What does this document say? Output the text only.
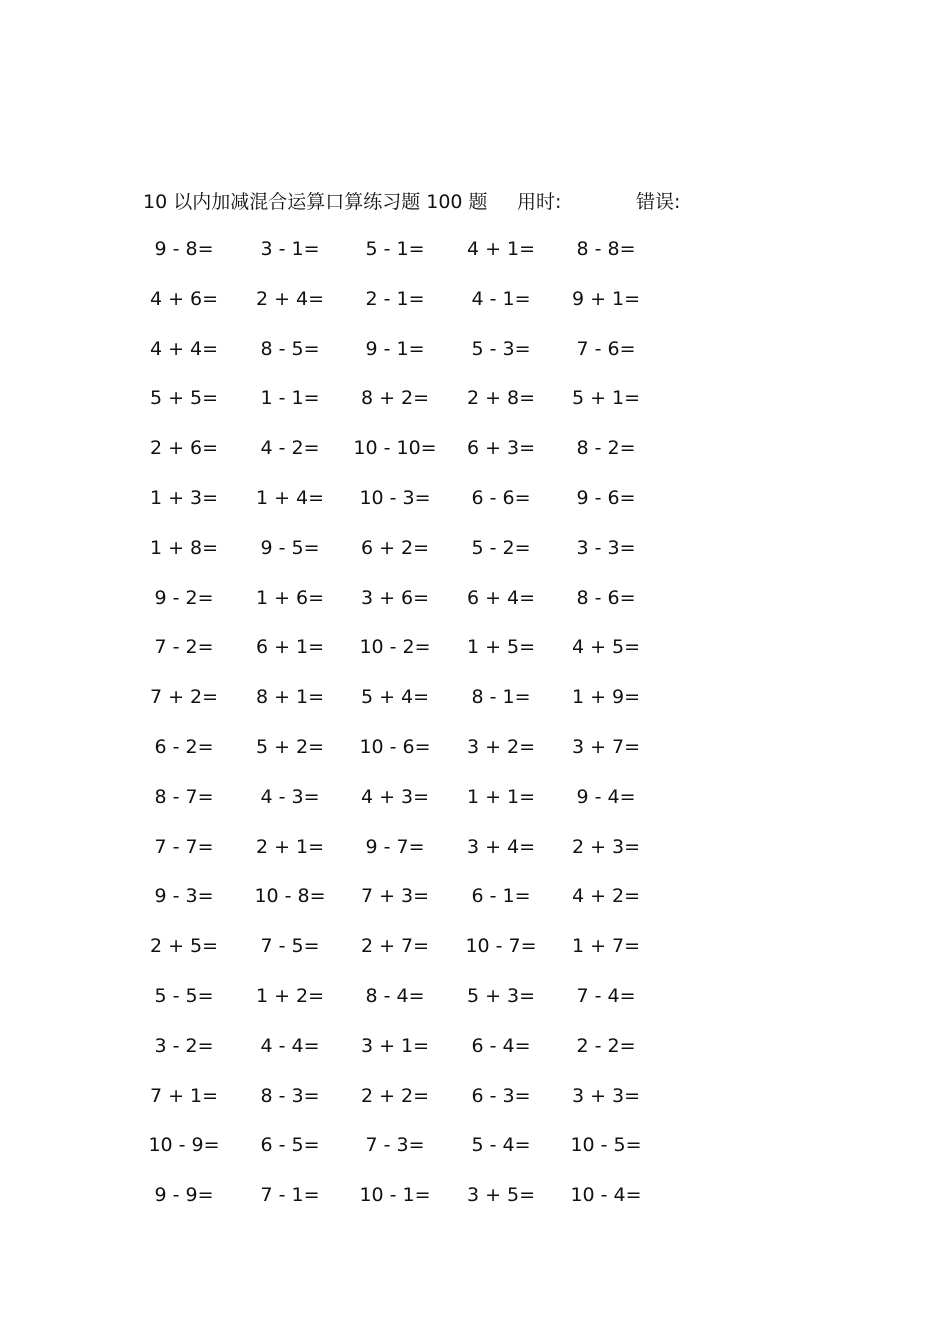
10 以内加减混合运算口算练习题 100 题 用时:	错误:
9 - 8=	3 - 1=	5 - 1=	4 + 1=	8 - 8=
4 + 6=	2 + 4=	2 - 1=	4 - 1=	9 + 1=
4 + 4=	8 - 5=	9 - 1=	5 - 3=	7 - 6=
5 + 5=	1 - 1=	8 + 2=	2 + 8=	5 + 1=
2 + 6=	4 - 2=	10 - 10=	6 + 3=	8 - 2=
1 + 3=	1 + 4=	10 - 3=	6 - 6=	9 - 6=
1 + 8=	9 - 5=	6 + 2=	5 - 2=	3 - 3=
9 - 2=	1 + 6=	3 + 6=	6 + 4=	8 - 6=
7 - 2=	6 + 1=	10 - 2=	1 + 5=	4 + 5=
7 + 2=	8 + 1=	5 + 4=	8 - 1=	1 + 9=
6 - 2=	5 + 2=	10 - 6=	3 + 2=	3 + 7=
8 - 7=	4 - 3=	4 + 3=	1 + 1=	9 - 4=
7 - 7=	2 + 1=	9 - 7=	3 + 4=	2 + 3=
9 - 3=	10 - 8=	7 + 3=	6 - 1=	4 + 2=
2 + 5=	7 - 5=	2 + 7=	10 - 7=	1 + 7=
5 - 5=	1 + 2=	8 - 4=	5 + 3=	7 - 4=
3 - 2=	4 - 4=	3 + 1=	6 - 4=	2 - 2=
7 + 1=	8 - 3=	2 + 2=	6 - 3=	3 + 3=
10 - 9=	6 - 5=	7 - 3=	5 - 4=	10 - 5=
9 - 9=	7 - 1=	10 - 1=	3 + 5=	10 - 4=
